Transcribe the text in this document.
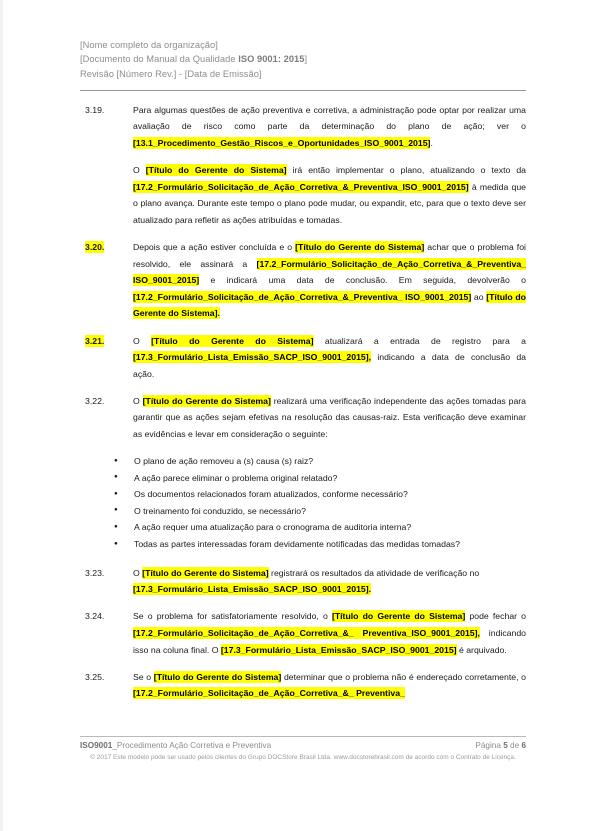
[Nome completo da organização]
[Documento do Manual da Qualidade ISO 9001: 2015]
Revisão [Número Rev.] - [Data de Emissão]
3.19.	Para algumas questões de ação preventiva e corretiva, a administração pode optar por realizar uma avaliação de risco como parte da determinação do plano de ação; ver o [13.1_Procedimento_Gestão_Riscos_e_Oportunidades_ISO_9001_2015].
O [Título do Gerente do Sistema] irá então implementar o plano, atualizando o texto da [17.2_Formulário_Solicitação_de_Ação_Corretiva_&_Preventiva_ISO_9001_2015] à medida que o plano avança. Durante este tempo o plano pode mudar, ou expandir, etc, para que o texto deve ser atualizado para refletir as ações atribuídas e tomadas.
3.20.	Depois que a ação estiver concluída e o [Título do Gerente do Sistema] achar que o problema foi resolvido, ele assinará a [17.2_Formulário_Solicitação_de_Ação_Corretiva_&_Preventiva_ ISO_9001_2015] e indicará uma data de conclusão. Em seguida, devolverão o [17.2_Formulário_Solicitação_de_Ação_Corretiva_&_Preventiva_ ISO_9001_2015] ao [Título do Gerente do Sistema].
3.21.	O [Título do Gerente do Sistema] atualizará a entrada de registro para a [17.3_Formulário_Lista_Emissão_SACP_ISO_9001_2015], indicando a data de conclusão da ação.
3.22.	O [Título do Gerente do Sistema] realizará uma verificação independente das ações tomadas para garantir que as ações sejam efetivas na resolução das causas-raiz. Esta verificação deve examinar as evidências e levar em consideração o seguinte:
● O plano de ação removeu a (s) causa (s) raiz?
● A ação parece eliminar o problema original relatado?
● Os documentos relacionados foram atualizados, conforme necessário?
● O treinamento foi conduzido, se necessário?
● A ação requer uma atualização para o cronograma de auditoria interna?
● Todas as partes interessadas foram devidamente notificadas das medidas tomadas?
3.23.	O [Título do Gerente do Sistema] registrará os resultados da atividade de verificação no [17.3_Formulário_Lista_Emissão_SACP_ISO_9001_2015].
3.24.	Se o problema for satisfatoriamente resolvido, o [Título do Gerente do Sistema] pode fechar o [17.2_Formulário_Solicitação_de_Ação_Corretiva_&_ Preventiva_ISO_9001_2015], indicando isso na coluna final. O [17.3_Formulário_Lista_Emissão_SACP_ISO_9001_2015] é arquivado.
3.25.	Se o [Título do Gerente do Sistema] determinar que o problema não é endereçado corretamente, o [17.2_Formulário_Solicitação_de_Ação_Corretiva_&_ Preventiva_
ISO9001_Procedimento Ação Corretiva e Preventiva	Página 5 de 6
© 2017 Este modelo pode ser usado pelos clientes do Grupo DOCStore Brasil Ltda. www.docstorebrasil.com de acordo com o Contrato de Licença.
